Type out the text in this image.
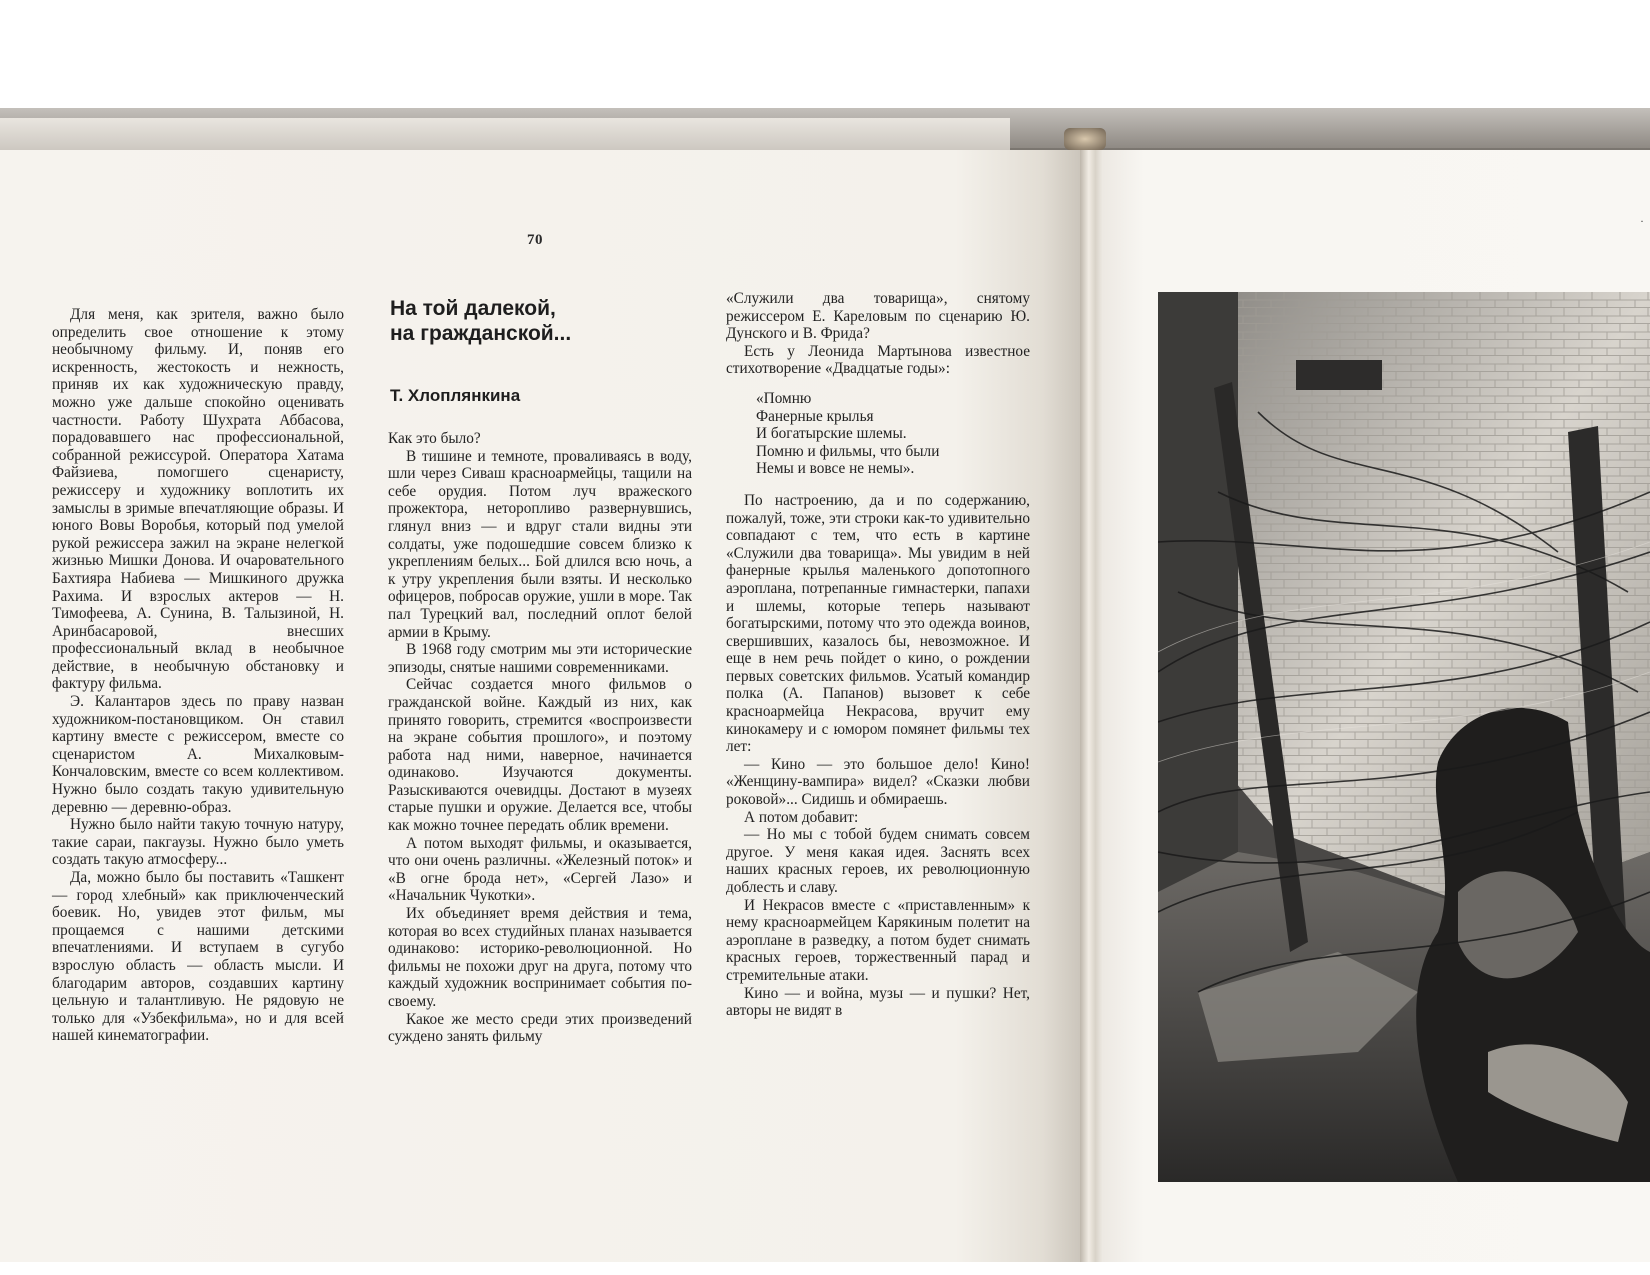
70

Для меня, как зрителя, важно было определить свое отношение к этому необычному фильму. И, поняв его искренность, жестокость и нежность, приняв их как художническую правду, можно уже дальше спокойно оценивать частности. Работу Шухрата Аббасова, порадовавшего нас профессиональной, собранной режиссурой. Оператора Хатама Файзиева, помогшего сценаристу, режиссеру и художнику воплотить их замыслы в зримые впечатляющие образы. И юного Вовы Воробья, который под умелой рукой режиссера зажил на экране нелегкой жизнью Мишки Донова. И очаровательного Бахтияра Набиева — Мишкиного дружка Рахима. И взрослых актеров — Н. Тимофеева, А. Сунина, В. Талызиной, Н. Аринбасаровой, внесших профессиональный вклад в необычное действие, в необычную обстановку и фактуру фильма.

Э. Калантаров здесь по праву назван художником-постановщиком. Он ставил картину вместе с режиссером, вместе со сценаристом А. Михалковым-Кончаловским, вместе со всем коллективом. Нужно было создать такую удивительную деревню — деревню-образ.

Нужно было найти такую точную натуру, такие сараи, пакгаузы. Нужно было уметь создать такую атмосферу...

Да, можно было бы поставить «Ташкент — город хлебный» как приключенческий боевик. Но, увидев этот фильм, мы прощаемся с нашими детскими впечатлениями. И вступаем в сугубо взрослую область — область мысли. И благодарим авторов, создавших картину цельную и талантливую. Не рядовую не только для «Узбекфильма», но и для всей нашей кинематографии.

На той далекой,
на гражданской...
Т. Хлоплянкина

Как это было?

В тишине и темноте, проваливаясь в воду, шли через Сиваш красноармейцы, тащили на себе орудия. Потом луч вражеского прожектора, неторопливо развернувшись, глянул вниз — и вдруг стали видны эти солдаты, уже подошедшие совсем близко к укреплениям белых... Бой длился всю ночь, а к утру укрепления были взяты. И несколько офицеров, побросав оружие, ушли в море. Так пал Турецкий вал, последний оплот белой армии в Крыму.

В 1968 году смотрим мы эти исторические эпизоды, снятые нашими современниками.

Сейчас создается много фильмов о гражданской войне. Каждый из них, как принято говорить, стремится «воспроизвести на экране события прошлого», и поэтому работа над ними, наверное, начинается одинаково. Изучаются документы. Разыскиваются очевидцы. Достают в музеях старые пушки и оружие. Делается все, чтобы как можно точнее передать облик времени.

А потом выходят фильмы, и оказывается, что они очень различны. «Железный поток» и «В огне брода нет», «Сергей Лазо» и «Начальник Чукотки».

Их объединяет время действия и тема, которая во всех студийных планах называется одинаково: историко-революционной. Но фильмы не похожи друг на друга, потому что каждый художник воспринимает события по-своему.

Какое же место среди этих произведений суждено занять фильму

«Служили два товарища», снятому режиссером Е. Кареловым по сценарию Ю. Дунского и В. Фрида?

Есть у Леонида Мартынова известное стихотворение «Двадцатые годы»:

«Помню
Фанерные крылья
И богатырские шлемы.
Помню и фильмы, что были
Немы и вовсе не немы».

По настроению, да и по содержанию, пожалуй, тоже, эти строки как-то удивительно совпадают с тем, что есть в картине «Служили два товарища». Мы увидим в ней фанерные крылья маленького допотопного аэроплана, потрепанные гимнастерки, папахи и шлемы, которые теперь называют богатырскими, потому что это одежда воинов, свершивших, казалось бы, невозможное. И еще в нем речь пойдет о кино, о рождении первых советских фильмов. Усатый командир полка (А. Папанов) вызовет к себе красноармейца Некрасова, вручит ему кинокамеру и с юмором помянет фильмы тех лет:

— Кино — это большое дело! Кино! «Женщину-вампира» видел? «Сказки любви роковой»... Сидишь и обмираешь.

А потом добавит:

— Но мы с тобой будем снимать совсем другое. У меня какая идея. Заснять всех наших красных героев, их революционную доблесть и славу.

И Некрасов вместе с «приставленным» к нему красноармейцем Карякиным полетит на аэроплане в разведку, а потом будет снимать красных героев, торжественный парад и стремительные атаки.

Кино — и война, музы — и пушки? Нет, авторы не видят в

·
